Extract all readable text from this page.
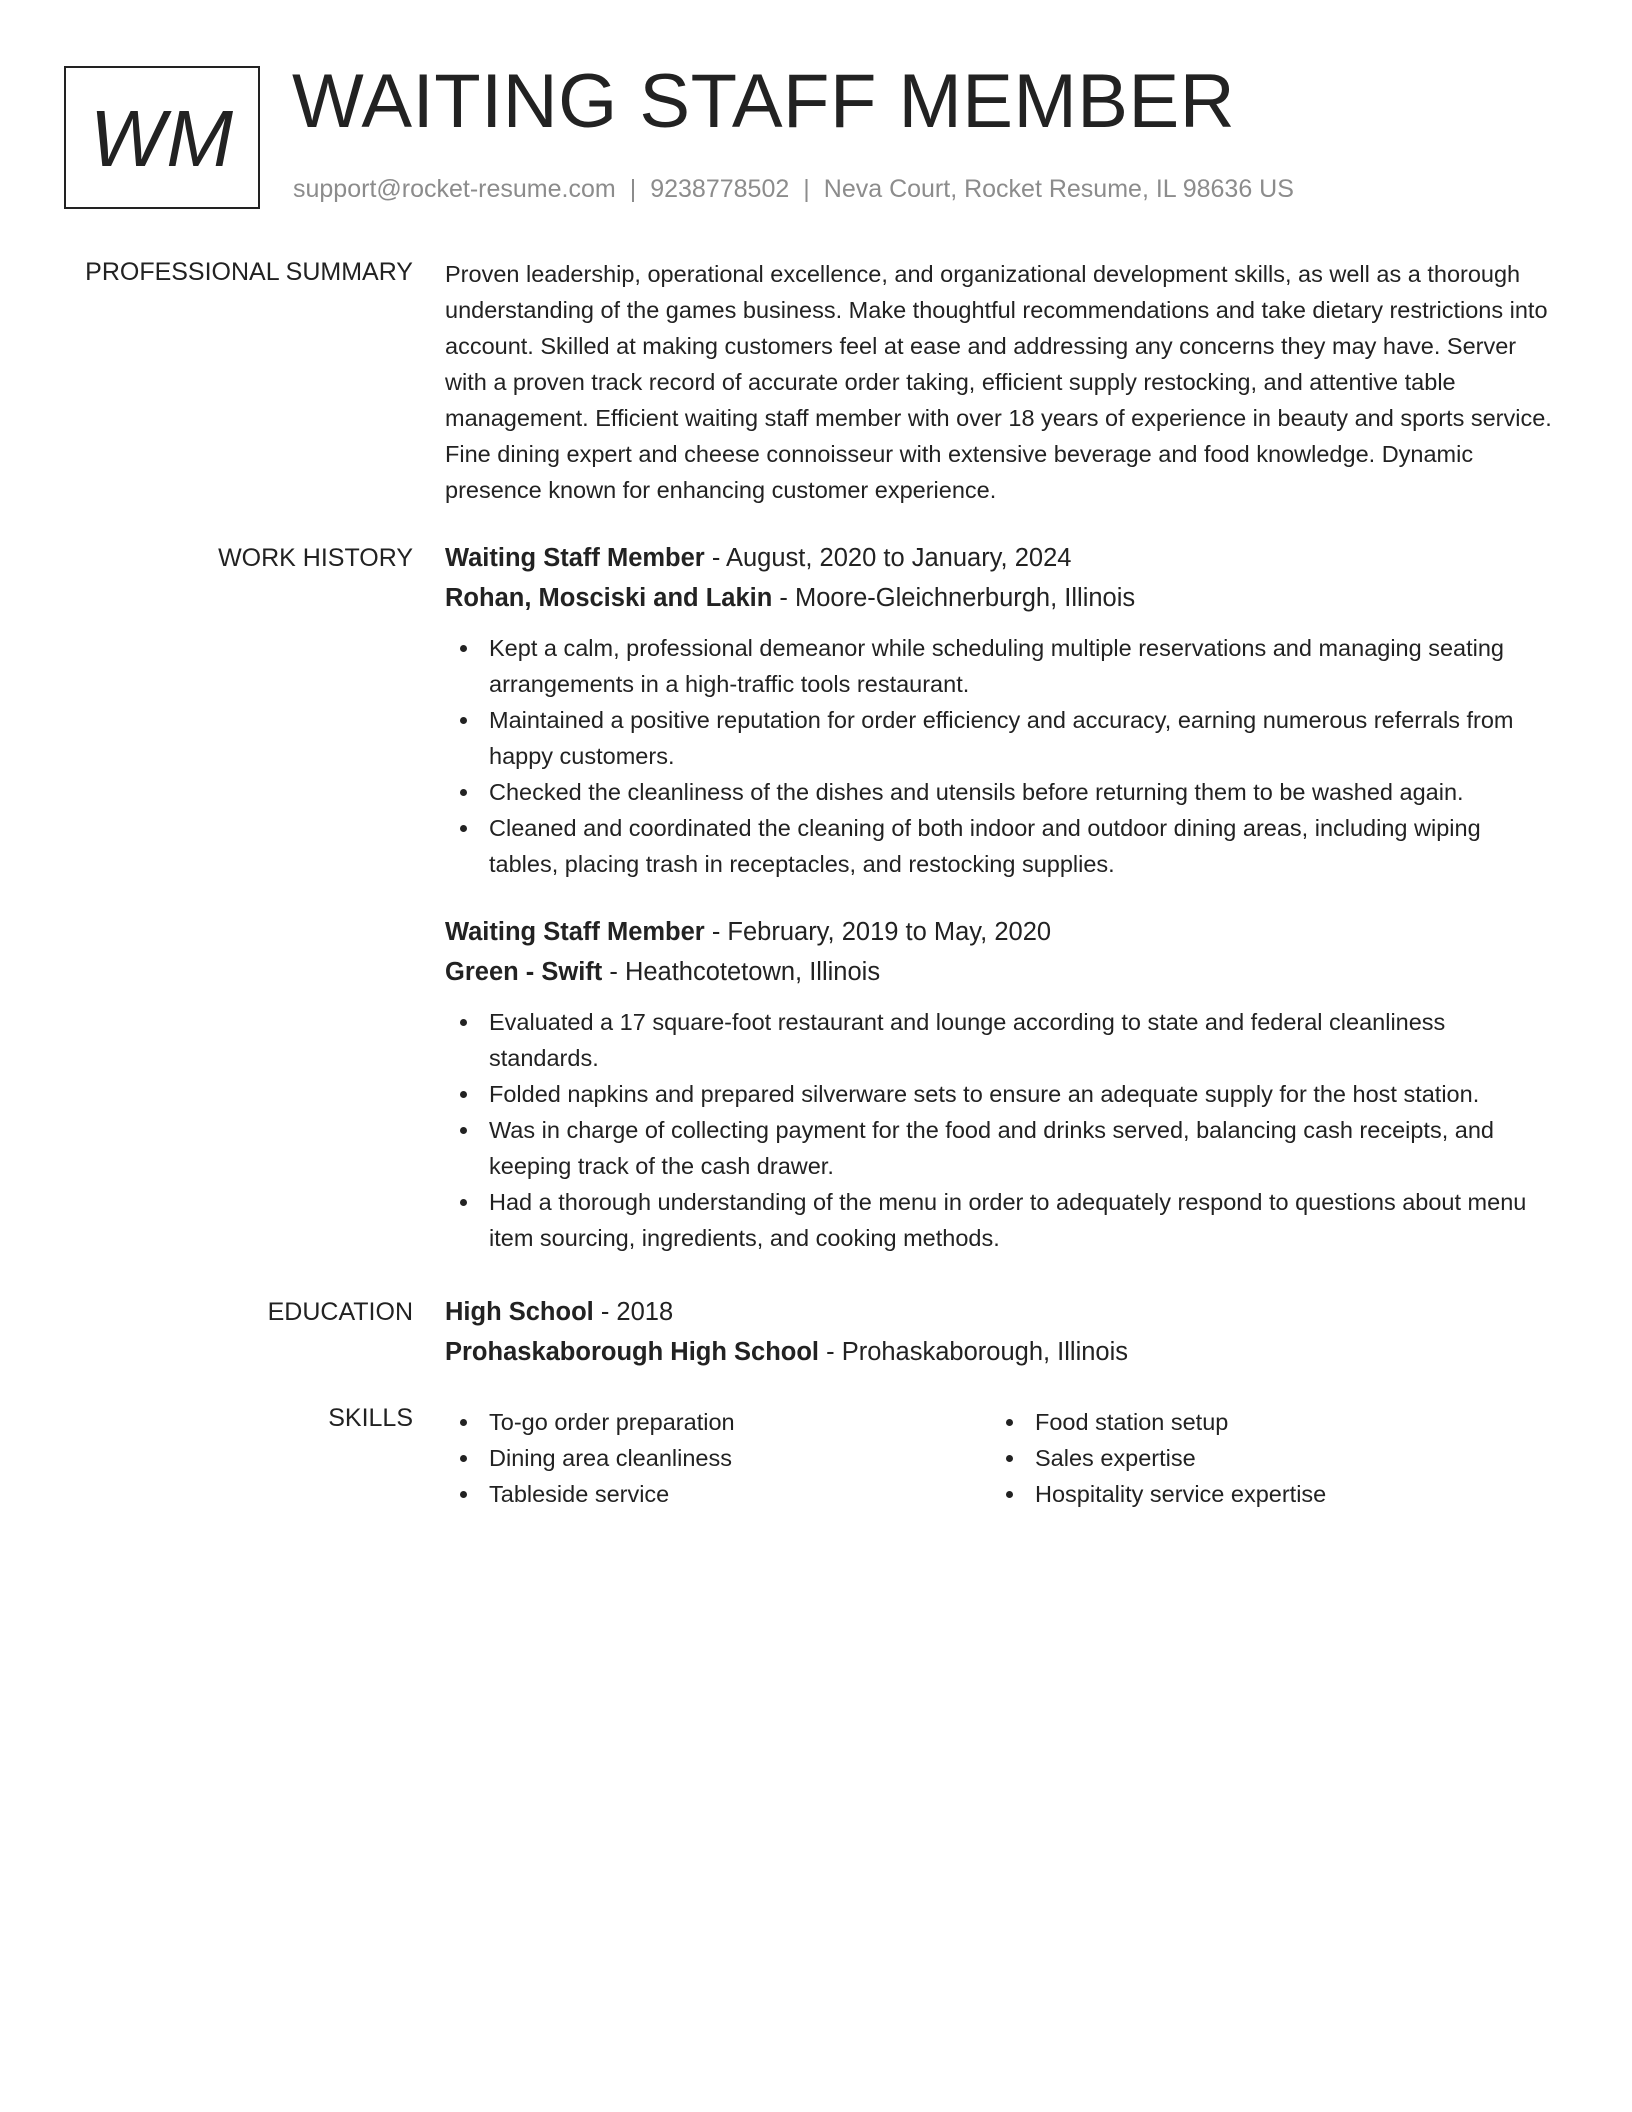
WM WAITING STAFF MEMBER
support@rocket-resume.com | 9238778502 | Neva Court, Rocket Resume, IL 98636 US
PROFESSIONAL SUMMARY Proven leadership, operational excellence, and organizational development skills, as well as a thorough understanding of the games business. Make thoughtful recommendations and take dietary restrictions into account. Skilled at making customers feel at ease and addressing any concerns they may have. Server with a proven track record of accurate order taking, efficient supply restocking, and attentive table management. Efficient waiting staff member with over 18 years of experience in beauty and sports service. Fine dining expert and cheese connoisseur with extensive beverage and food knowledge. Dynamic presence known for enhancing customer experience.
WORK HISTORY Waiting Staff Member - August, 2020 to January, 2024
Rohan, Mosciski and Lakin - Moore-Gleichnerburgh, Illinois
Kept a calm, professional demeanor while scheduling multiple reservations and managing seating arrangements in a high-traffic tools restaurant.
Maintained a positive reputation for order efficiency and accuracy, earning numerous referrals from happy customers.
Checked the cleanliness of the dishes and utensils before returning them to be washed again.
Cleaned and coordinated the cleaning of both indoor and outdoor dining areas, including wiping tables, placing trash in receptacles, and restocking supplies.
Waiting Staff Member - February, 2019 to May, 2020
Green - Swift - Heathcotetown, Illinois
Evaluated a 17 square-foot restaurant and lounge according to state and federal cleanliness standards.
Folded napkins and prepared silverware sets to ensure an adequate supply for the host station.
Was in charge of collecting payment for the food and drinks served, balancing cash receipts, and keeping track of the cash drawer.
Had a thorough understanding of the menu in order to adequately respond to questions about menu item sourcing, ingredients, and cooking methods.
EDUCATION High School - 2018
Prohaskaborough High School - Prohaskaborough, Illinois
SKILLS	To-go order preparation
Dining area cleanliness
Tableside service
Food station setup
Sales expertise
Hospitality service expertise
